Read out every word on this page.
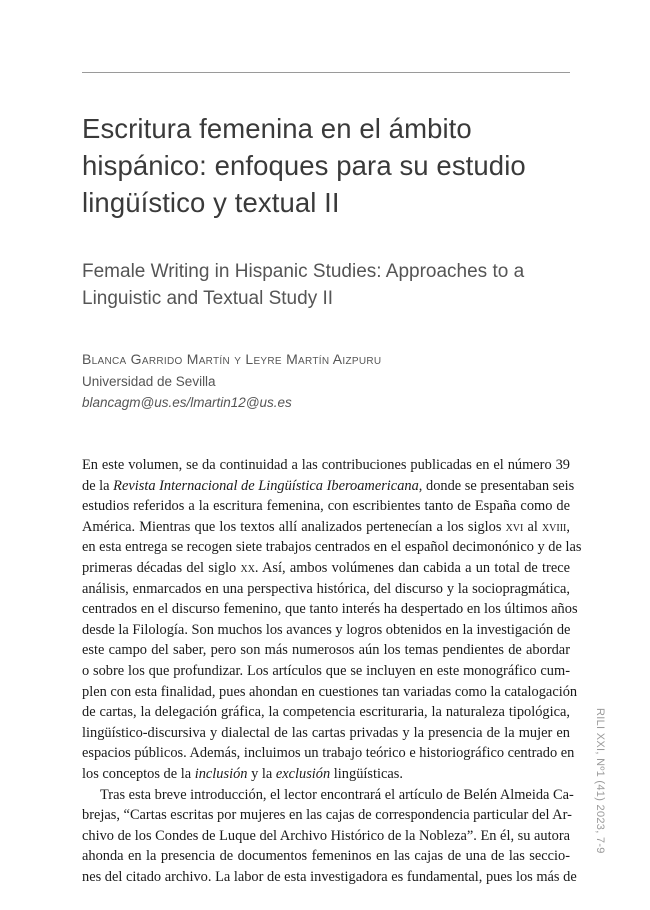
Escritura femenina en el ámbito hispánico: enfoques para su estudio lingüístico y textual II
Female Writing in Hispanic Studies: Approaches to a Linguistic and Textual Study II
Blanca Garrido Martín y Leyre Martín Aizpuru
Universidad de Sevilla
blancagm@us.es/lmartin12@us.es
En este volumen, se da continuidad a las contribuciones publicadas en el número 39
de la Revista Internacional de Lingüística Iberoamericana, donde se presentaban seis
estudios referidos a la escritura femenina, con escribientes tanto de España como de
América. Mientras que los textos allí analizados pertenecían a los siglos xvi al xviii,
en esta entrega se recogen siete trabajos centrados en el español decimonónico y de las
primeras décadas del siglo xx. Así, ambos volúmenes dan cabida a un total de trece
análisis, enmarcados en una perspectiva histórica, del discurso y la sociopragmática,
centrados en el discurso femenino, que tanto interés ha despertado en los últimos años
desde la Filología. Son muchos los avances y logros obtenidos en la investigación de
este campo del saber, pero son más numerosos aún los temas pendientes de abordar
o sobre los que profundizar. Los artículos que se incluyen en este monográfico cum-
plen con esta finalidad, pues ahondan en cuestiones tan variadas como la catalogación
de cartas, la delegación gráfica, la competencia escrituraria, la naturaleza tipológica,
lingüístico-discursiva y dialectal de las cartas privadas y la presencia de la mujer en
espacios públicos. Además, incluimos un trabajo teórico e historiográfico centrado en
los conceptos de la inclusión y la exclusión lingüísticas.
Tras esta breve introducción, el lector encontrará el artículo de Belén Almeida Ca-
brejas, “Cartas escritas por mujeres en las cajas de correspondencia particular del Ar-
chivo de los Condes de Luque del Archivo Histórico de la Nobleza”. En él, su autora
ahonda en la presencia de documentos femeninos en las cajas de una de las seccio-
nes del citado archivo. La labor de esta investigadora es fundamental, pues los más de
RILI XXI, Nº1 (41) 2023, 7-9
